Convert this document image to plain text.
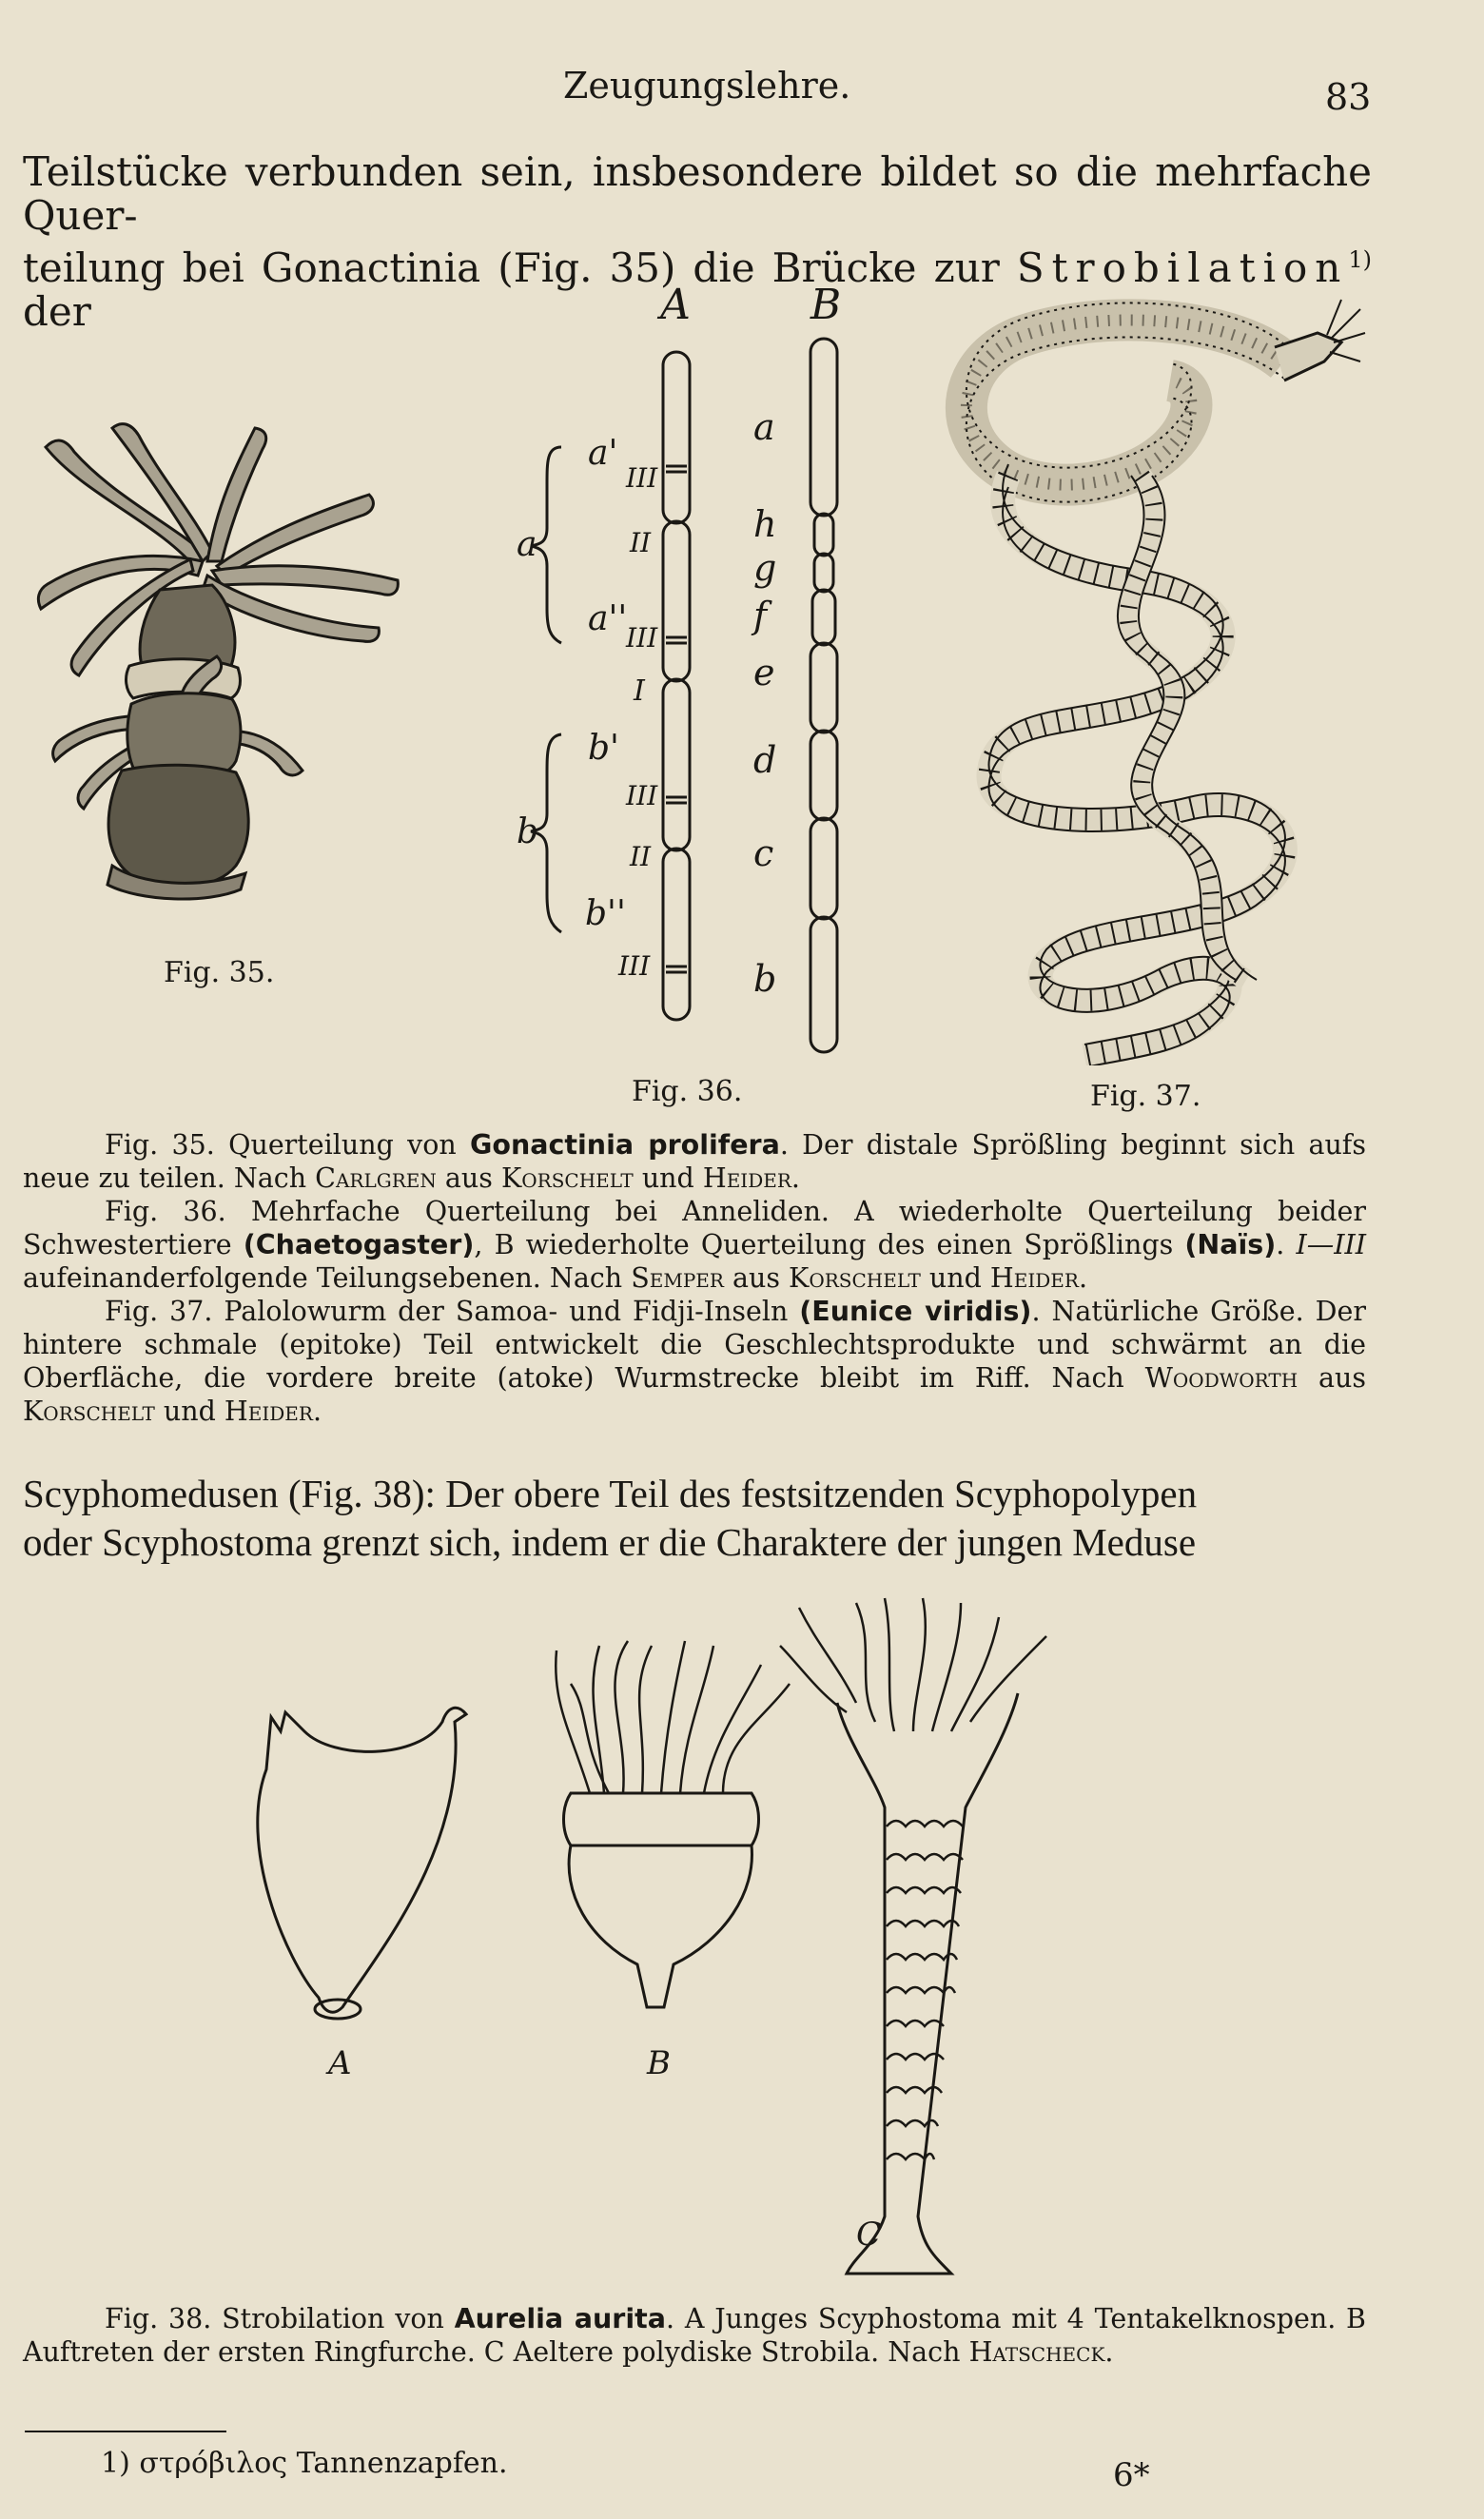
Zeugungslehre.	83
Teilstücke verbunden sein, insbesondere bildet so die mehrfache Quer-
teilung bei Gonactinia (Fig. 35) die Brücke zur Strobilation$^{1)}$ der
Fig. 35.
A	B
a'
a
a''
b'
b
b''
III
II
III
I
III
II
III
a
h
g
f
e
d
c
b
Fig. 36.	Fig. 37.

Fig. 35. Querteilung von Gonactinia prolifera. Der distale Sprößling beginnt sich aufs neue zu teilen. Nach Carlgren aus Korschelt und Heider.

Fig. 36. Mehrfache Querteilung bei Anneliden. A wiederholte Querteilung beider Schwestertiere (Chaetogaster), B wiederholte Querteilung des einen Sprößlings (Naïs). I—III aufeinanderfolgende Teilungsebenen. Nach Semper aus Korschelt und Heider.

Fig. 37. Palolowurm der Samoa- und Fidji-Inseln (Eunice viridis). Natürliche Größe. Der hintere schmale (epitoke) Teil entwickelt die Geschlechtsprodukte und schwärmt an die Oberfläche, die vordere breite (atoke) Wurmstrecke bleibt im Riff. Nach Woodworth aus Korschelt und Heider.

Scyphomedusen (Fig. 38): Der obere Teil des festsitzenden Scyphopolypen
oder Scyphostoma grenzt sich, indem er die Charaktere der jungen Meduse
A	B
C

Fig. 38. Strobilation von Aurelia aurita. A Junges Scyphostoma mit 4 Tentakelknospen. B Auftreten der ersten Ringfurche. C Aeltere polydiske Strobila. Nach Hatscheck.

1) στρόβιλος Tannenzapfen.	6*
